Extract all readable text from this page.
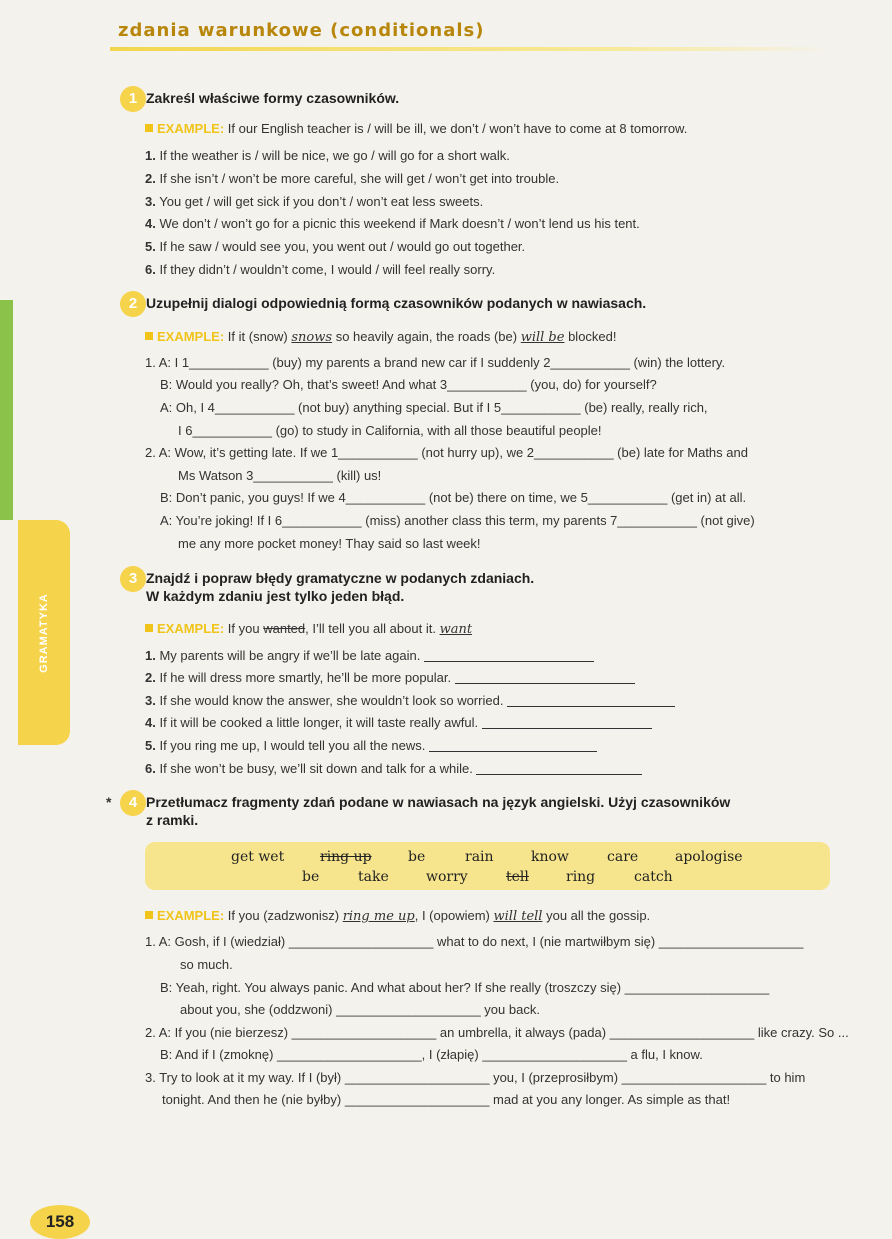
zdania warunkowe (conditionals)
GRAMATYKA
1 Zakreśl właściwe formy czasowników.
EXAMPLE: If our English teacher is / will be ill, we don’t / won’t have to come at 8 tomorrow.
1. If the weather is / will be nice, we go / will go for a short walk.
2. If she isn’t / won’t be more careful, she will get / won’t get into trouble.
3. You get / will get sick if you don’t / won’t eat less sweets.
4. We don’t / won’t go for a picnic this weekend if Mark doesn’t / won’t lend us his tent.
5. If he saw / would see you, you went out / would go out together.
6. If they didn’t / wouldn’t come, I would / will feel really sorry.
2 Uzupełnij dialogi odpowiednią formą czasowników podanych w nawiasach.
EXAMPLE: If it (snow) snows so heavily again, the roads (be) will be blocked!
1. A: I 1___________ (buy) my parents a brand new car if I suddenly 2___________ (win) the lottery.
B: Would you really? Oh, that’s sweet! And what 3___________ (you, do) for yourself?
A: Oh, I 4___________ (not buy) anything special. But if I 5___________ (be) really, really rich,
I 6___________ (go) to study in California, with all those beautiful people!
2. A: Wow, it’s getting late. If we 1___________ (not hurry up), we 2___________ (be) late for Maths and
Ms Watson 3___________ (kill) us!
B: Don’t panic, you guys! If we 4___________ (not be) there on time, we 5___________ (get in) at all.
A: You’re joking! If I 6___________ (miss) another class this term, my parents 7___________ (not give)
me any more pocket money! Thay said so last week!
3 Znajdź i popraw błędy gramatyczne w podanych zdaniach.
W każdym zdaniu jest tylko jeden błąd.
EXAMPLE: If you wanted, I’ll tell you all about it. want
1. My parents will be angry if we’ll be late again.
2. If he will dress more smartly, he’ll be more popular.
3. If she would know the answer, she wouldn’t look so worried.
4. If it will be cooked a little longer, it will taste really awful.
5. If you ring me up, I would tell you all the news.
6. If she won’t be busy, we’ll sit down and talk for a while.
*	4 Przetłumacz fragmenty zdań podane w nawiasach na język angielski. Użyj czasowników
z ramki.
get wet	ring up	be	rain	know	care	apologise
be	take	worry	tell	ring	catch
EXAMPLE: If you (zadzwonisz) ring me up, I (opowiem) will tell you all the gossip.
1. A: Gosh, if I (wiedział) ____________________ what to do next, I (nie martwiłbym się) ____________________
so much.
B: Yeah, right. You always panic. And what about her? If she really (troszczy się) ____________________
about you, she (oddzwoni) ____________________ you back.
2. A: If you (nie bierzesz) ____________________ an umbrella, it always (pada) ____________________ like crazy. So ...
B: And if I (zmoknę) ____________________, I (złapię) ____________________ a flu, I know.
3. Try to look at it my way. If I (był) ____________________ you, I (przeprosiłbym) ____________________ to him
tonight. And then he (nie byłby) ____________________ mad at you any longer. As simple as that!
158
